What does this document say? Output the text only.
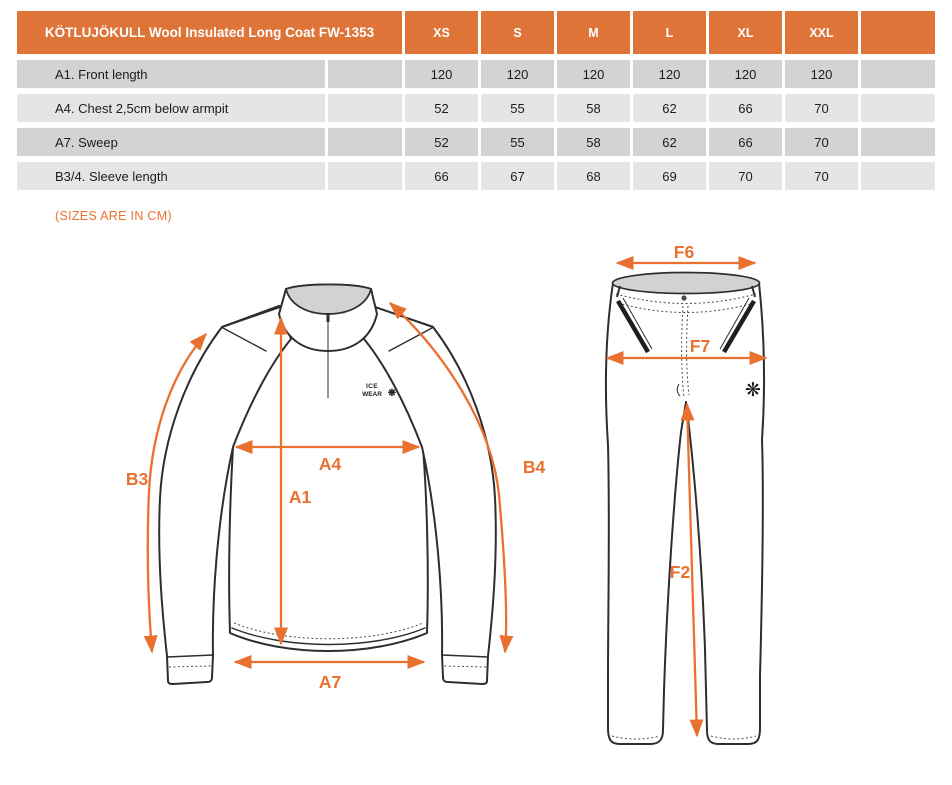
KÖTLUJÖKULL Wool Insulated Long Coat FW-1353	XS	S	M	L	XL	XXL
A1. Front length	120	120	120	120	120	120
A4. Chest 2,5cm below armpit	52	55	58	62	66	70
A7. Sweep	52	55	58	62	66	70
B3/4. Sleeve length	66	67	68	69	70	70
(SIZES ARE IN CM)
ICE
WEAR ❋
B3
A4
A1
B4
A7
❋
F6
F7
F2
